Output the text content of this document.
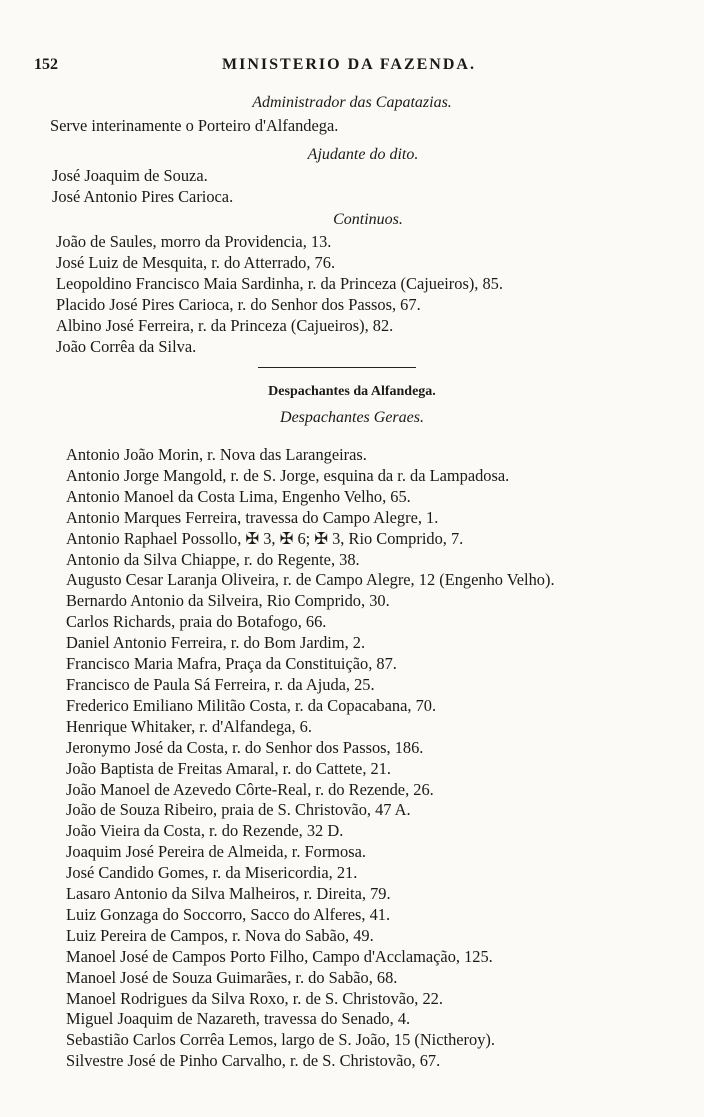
152	MINISTERIO DA FAZENDA.
Administrador das Capatazias.
Serve interinamente o Porteiro d'Alfandega.
Ajudante do dito.
José Joaquim de Souza.
José Antonio Pires Carioca.
Continuos.
João de Saules, morro da Providencia, 13.
José Luiz de Mesquita, r. do Atterrado, 76.
Leopoldino Francisco Maia Sardinha, r. da Princeza (Cajueiros), 85.
Placido José Pires Carioca, r. do Senhor dos Passos, 67.
Albino José Ferreira, r. da Princeza (Cajueiros), 82.
João Corrêa da Silva.
Despachantes da Alfandega.
Despachantes Geraes.
Antonio João Morin, r. Nova das Larangeiras.
Antonio Jorge Mangold, r. de S. Jorge, esquina da r. da Lampadosa.
Antonio Manoel da Costa Lima, Engenho Velho, 65.
Antonio Marques Ferreira, travessa do Campo Alegre, 1.
Antonio Raphael Possollo, ✠ 3, ✠ 6; ✠ 3, Rio Comprido, 7.
Antonio da Silva Chiappe, r. do Regente, 38.
Augusto Cesar Laranja Oliveira, r. de Campo Alegre, 12 (Engenho Velho).
Bernardo Antonio da Silveira, Rio Comprido, 30.
Carlos Richards, praia do Botafogo, 66.
Daniel Antonio Ferreira, r. do Bom Jardim, 2.
Francisco Maria Mafra, Praça da Constituição, 87.
Francisco de Paula Sá Ferreira, r. da Ajuda, 25.
Frederico Emiliano Militão Costa, r. da Copacabana, 70.
Henrique Whitaker, r. d'Alfandega, 6.
Jeronymo José da Costa, r. do Senhor dos Passos, 186.
João Baptista de Freitas Amaral, r. do Cattete, 21.
João Manoel de Azevedo Côrte-Real, r. do Rezende, 26.
João de Souza Ribeiro, praia de S. Christovão, 47 A.
João Vieira da Costa, r. do Rezende, 32 D.
Joaquim José Pereira de Almeida, r. Formosa.
José Candido Gomes, r. da Misericordia, 21.
Lasaro Antonio da Silva Malheiros, r. Direita, 79.
Luiz Gonzaga do Soccorro, Sacco do Alferes, 41.
Luiz Pereira de Campos, r. Nova do Sabão, 49.
Manoel José de Campos Porto Filho, Campo d'Acclamação, 125.
Manoel José de Souza Guimarães, r. do Sabão, 68.
Manoel Rodrigues da Silva Roxo, r. de S. Christovão, 22.
Miguel Joaquim de Nazareth, travessa do Senado, 4.
Sebastião Carlos Corrêa Lemos, largo de S. João, 15 (Nictheroy).
Silvestre José de Pinho Carvalho, r. de S. Christovão, 67.
